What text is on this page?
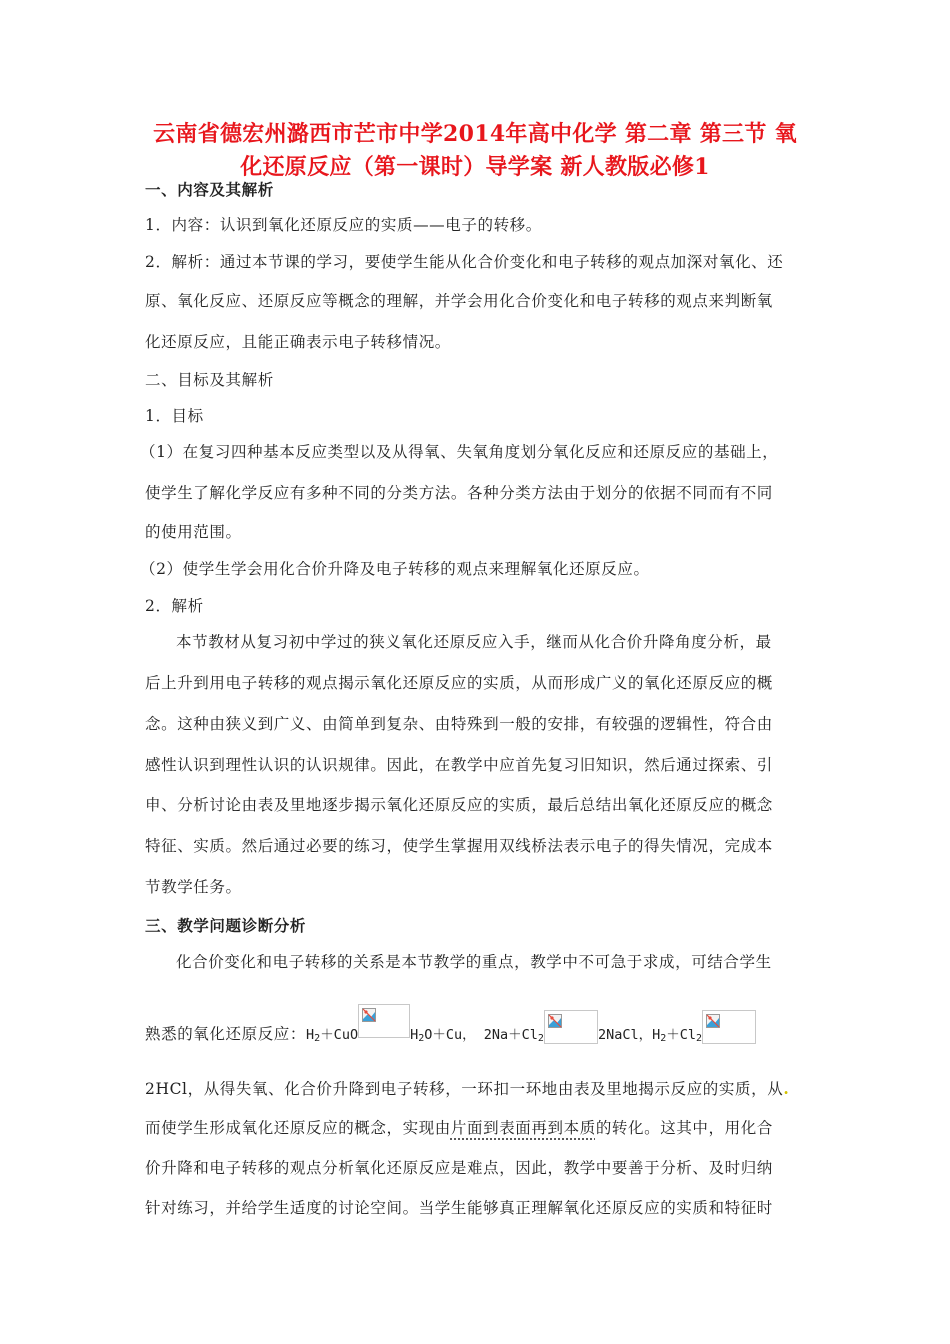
云南省德宏州潞西市芒市中学2014年高中化学 第二章 第三节 氧
化还原反应（第一课时）导学案 新人教版必修1
一、内容及其解析
1．内容：认识到氧化还原反应的实质——电子的转移。
2．解析：通过本节课的学习，要使学生能从化合价变化和电子转移的观点加深对氧化、还
原、氧化反应、还原反应等概念的理解，并学会用化合价变化和电子转移的观点来判断氧
化还原反应，且能正确表示电子转移情况。
二、目标及其解析
1．目标
（1）在复习四种基本反应类型以及从得氧、失氧角度划分氧化反应和还原反应的基础上，
使学生了解化学反应有多种不同的分类方法。各种分类方法由于划分的依据不同而有不同
的使用范围。
（2）使学生学会用化合价升降及电子转移的观点来理解氧化还原反应。
2．解析
本节教材从复习初中学过的狭义氧化还原反应入手，继而从化合价升降角度分析，最
后上升到用电子转移的观点揭示氧化还原反应的实质，从而形成广义的氧化还原反应的概
念。这种由狭义到广义、由简单到复杂、由特殊到一般的安排，有较强的逻辑性，符合由
感性认识到理性认识的认识规律。因此，在教学中应首先复习旧知识，然后通过探索、引
申、分析讨论由表及里地逐步揭示氧化还原反应的实质，最后总结出氧化还原反应的概念
特征、实质。然后通过必要的练习，使学生掌握用双线桥法表示电子的得失情况，完成本
节教学任务。
三、教学问题诊断分析
化合价变化和电子转移的关系是本节教学的重点，教学中不可急于求成，可结合学生
熟悉的氧化还原反应： $H_2+CuO$	$H_2O+Cu$， $2Na+Cl_2$	2NaCl，$H_2+Cl_2$
2HCl，从得失氧、化合价升降到电子转移，一环扣一环地由表及里地揭示反应的实质，从.
而使学生形成氧化还原反应的概念，实现由片面到表面再到本质的转化。这其中，用化合
价升降和电子转移的观点分析氧化还原反应是难点，因此，教学中要善于分析、及时归纳
针对练习，并给学生适度的讨论空间。当学生能够真正理解氧化还原反应的实质和特征时
